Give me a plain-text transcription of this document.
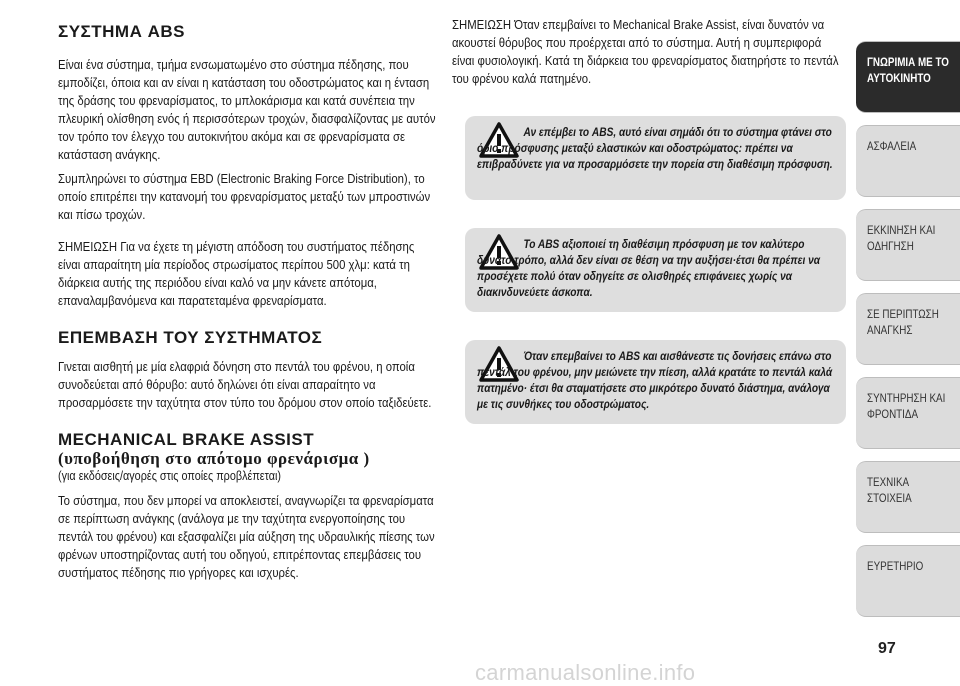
ΣΥΣΤΗΜΑ ABS

Είναι ένα σύστημα, τμήμα ενσωματωμένο στο σύστημα πέδησης, που εμποδίζει, όποια και αν είναι η κατάσταση του οδοστρώματος και η ένταση της δράσης του φρεναρίσματος, το μπλοκάρισμα και κατά συνέπεια την πλευρική ολίσθηση ενός ή περισσότερων τροχών, διασφαλίζοντας με αυτόν τον τρόπο τον έλεγχο του αυτοκινήτου ακόμα και σε φρεναρίσματα σε κατάσταση ανάγκης.

Συμπληρώνει το σύστημα EBD (Electronic Braking Force Distribution), το οποίο επιτρέπει την κατανομή του φρεναρίσματος μεταξύ των μπροστινών και πίσω τροχών.

ΣΗΜΕΙΩΣΗ Για να έχετε τη μέγιστη απόδοση του συστήματος πέδησης είναι απαραίτητη μία περίοδος στρωσίματος περίπου 500 χλμ: κατά τη διάρκεια αυτής της περιόδου είναι καλό να μην κάνετε απότομα, επαναλαμβανόμενα και παρατεταμένα φρεναρίσματα.

ΕΠΕΜΒΑΣΗ ΤΟΥ ΣΥΣΤΗΜΑΤΟΣ

Γινεται αισθητή με μία ελαφριά δόνηση στο πεντάλ του φρένου, η οποία συνοδεύεται από θόρυβο: αυτό δηλώνει ότι είναι απαραίτητο να προσαρμόσετε την ταχύτητα στον τύπο του δρόμου στον οποίο ταξιδεύετε.

MECHANICAL BRAKE ASSIST
(υποβοήθηση στο απότομο φρενάρισμα )

(για εκδόσεις/αγορές στις οποίες προβλέπεται)

Το σύστημα, που δεν μπορεί να αποκλειστεί, αναγνωρίζει τα φρεναρίσματα σε περίπτωση ανάγκης (ανάλογα με την ταχύτητα ενεργοποίησης του πεντάλ του φρένου) και εξασφαλίζει μία αύξηση της υδραυλικής πίεσης των φρένων υποστηρίζοντας αυτή του οδηγού, επιτρέποντας επεμβάσεις του συστήματος πέδησης πιο γρήγορες και ισχυρές.

ΣΗΜΕΙΩΣΗ Όταν επεμβαίνει το Mechanical Brake Assist, είναι δυνατόν να ακουστεί θόρυβος που προέρχεται από το σύστημα. Αυτή η συμπεριφορά είναι φυσιολογική. Κατά τη διάρκεια του φρεναρίσματος διατηρήστε το πεντάλ του φρένου καλά πατημένο.

Αν επέμβει το ABS, αυτό είναι σημάδι ότι το σύστημα φτάνει στο όριο πρόσφυσης μεταξύ ελαστικών και οδοστρώματος: πρέπει να επιβραδύνετε για να προσαρμόσετε την πορεία στη διαθέσιμη πρόσφυση.

To ABS αξιοποιεί τη διαθέσιμη πρόσφυση με τον καλύτερο δυνατό τρόπο, αλλά δεν είναι σε θέση να την αυξήσει·έτσι θα πρέπει να προσέχετε πολύ όταν οδηγείτε σε ολισθηρές επιφάνειες χωρίς να διακινδυνεύετε άσκοπα.

Όταν επεμβαίνει το ABS και αισθάνεστε τις δονήσεις επάνω στο πεντάλ του φρένου, μην μειώνετε την πίεση, αλλά κρατάτε το πεντάλ καλά πατημένο· έτσι θα σταματήσετε στο μικρότερο δυνατό διάστημα, ανάλογα με τις συνθήκες του οδοστρώματος.

ΓΝΩΡΙΜΙΑ ΜΕ ΤΟ ΑΥΤΟΚΙΝΗΤΟ
ΑΣΦΑΛΕΙΑ
ΕΚΚΙΝΗΣΗ ΚΑΙ ΟΔΗΓΗΣΗ
ΣΕ ΠΕΡΙΠΤΩΣΗ ΑΝΑΓΚΗΣ
ΣΥΝΤΗΡΗΣΗ ΚΑΙ ΦΡΟΝΤΙΔΑ
ΤΕΧΝΙΚΑ ΣΤΟΙΧΕΙΑ
ΕΥΡΕΤΗΡΙΟ
97
carmanualsonline.info
